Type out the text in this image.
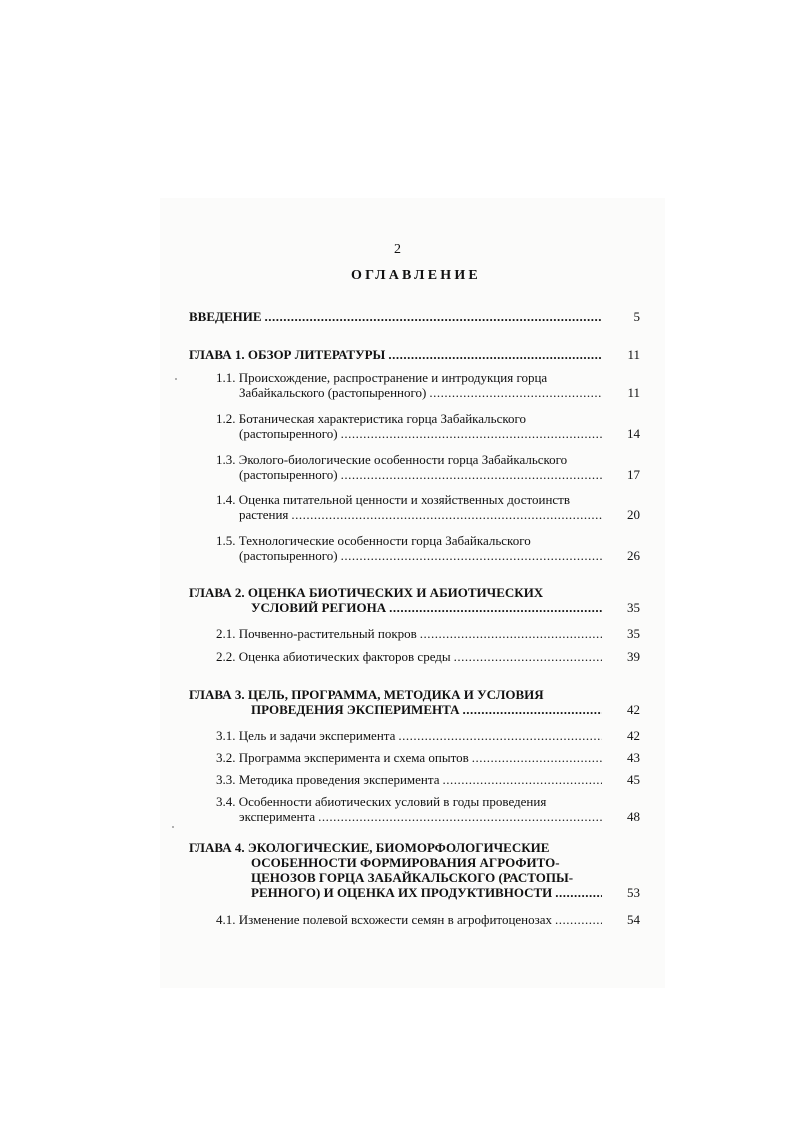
2
ОГЛАВЛЕНИЕ
ВВЕДЕНИЕ .....	5
ГЛАВА 1. ОБЗОР ЛИТЕРАТУРЫ .....	11
1.1. Происхождение, распространение и интродукция горца
Забайкальского (растопыренного) .....	11
1.2. Ботаническая характеристика горца Забайкальского
(растопыренного) .....	14
1.3. Эколого-биологические особенности горца Забайкальского
(растопыренного) .....	17
1.4. Оценка питательной ценности и хозяйственных достоинств
растения .....	20
1.5. Технологические особенности горца Забайкальского
(растопыренного) .....	26
ГЛАВА 2. ОЦЕНКА БИОТИЧЕСКИХ И АБИОТИЧЕСКИХ
УСЛОВИЙ РЕГИОНА .....	35
2.1. Почвенно-растительный покров .....	35
2.2. Оценка абиотических факторов среды .....	39
ГЛАВА 3. ЦЕЛЬ, ПРОГРАММА, МЕТОДИКА И УСЛОВИЯ
ПРОВЕДЕНИЯ ЭКСПЕРИМЕНТА .....	42
3.1. Цель и задачи эксперимента .....	42
3.2. Программа эксперимента и схема опытов .....	43
3.3. Методика проведения эксперимента .....	45
3.4. Особенности абиотических условий в годы проведения
эксперимента .....	48
ГЛАВА 4. ЭКОЛОГИЧЕСКИЕ, БИОМОРФОЛОГИЧЕСКИЕ
ОСОБЕННОСТИ ФОРМИРОВАНИЯ АГРОФИТО-
ЦЕНОЗОВ ГОРЦА ЗАБАЙКАЛЬСКОГО (РАСТОПЫ-
РЕННОГО) И ОЦЕНКА ИХ ПРОДУКТИВНОСТИ .....	53
4.1. Изменение полевой всхожести семян в агрофитоценозах .....	54
